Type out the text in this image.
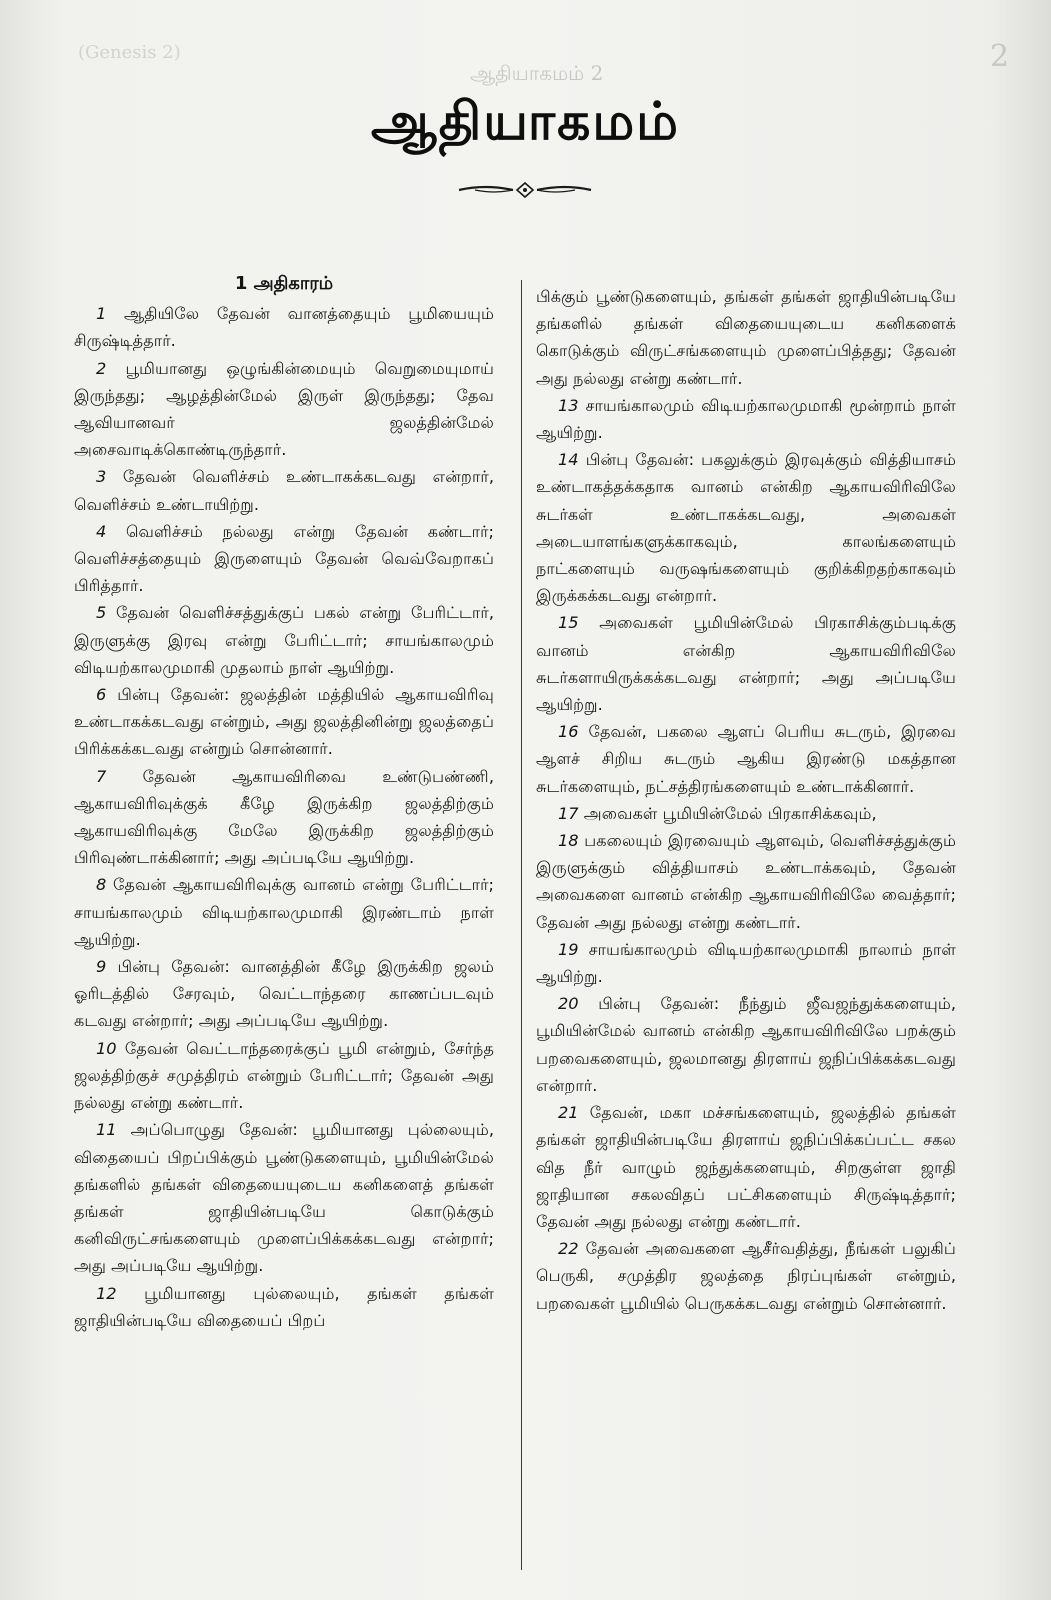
(Genesis 2)	2
ஆதியாகமம் 2
ஆதியாகமம்
1 அதிகாரம்

1 ஆதியிலே தேவன் வானத்தையும் பூமியையும் சிருஷ்டித்தார்.

2 பூமியானது ஒழுங்கின்மையும் வெறுமையுமாய் இருந்தது; ஆழத்தின்மேல் இருள் இருந்தது; தேவ ஆவியானவர் ஜலத்தின்மேல் அசைவாடிக்கொண்டிருந்தார்.

3 தேவன் வெளிச்சம் உண்டாகக்கடவது என்றார், வெளிச்சம் உண்டாயிற்று.

4 வெளிச்சம் நல்லது என்று தேவன் கண்டார்; வெளிச்சத்தையும் இருளையும் தேவன் வெவ்வேறாகப் பிரித்தார்.

5 தேவன் வெளிச்சத்துக்குப் பகல் என்று பேரிட்டார், இருளுக்கு இரவு என்று பேரிட்டார்; சாயங்காலமும் விடியற்காலமுமாகி முதலாம் நாள் ஆயிற்று.

6 பின்பு தேவன்: ஜலத்தின் மத்தியில் ஆகாயவிரிவு உண்டாகக்கடவது என்றும், அது ஜலத்தினின்று ஜலத்தைப் பிரிக்கக்கடவது என்றும் சொன்னார்.

7 தேவன் ஆகாயவிரிவை உண்டுபண்ணி, ஆகாயவிரிவுக்குக் கீழே இருக்கிற ஜலத்திற்கும் ஆகாயவிரிவுக்கு மேலே இருக்கிற ஜலத்திற்கும் பிரிவுண்டாக்கினார்; அது அப்படியே ஆயிற்று.

8 தேவன் ஆகாயவிரிவுக்கு வானம் என்று பேரிட்டார்; சாயங்காலமும் விடியற்காலமுமாகி இரண்டாம் நாள் ஆயிற்று.

9 பின்பு தேவன்: வானத்தின் கீழே இருக்கிற ஜலம் ஓரிடத்தில் சேரவும், வெட்டாந்தரை காணப்படவும் கடவது என்றார்; அது அப்படியே ஆயிற்று.

10 தேவன் வெட்டாந்தரைக்குப் பூமி என்றும், சேர்ந்த ஜலத்திற்குச் சமுத்திரம் என்றும் பேரிட்டார்; தேவன் அது நல்லது என்று கண்டார்.

11 அப்பொழுது தேவன்: பூமியானது புல்லையும், விதையைப் பிறப்பிக்கும் பூண்டுகளையும், பூமியின்மேல் தங்களில் தங்கள் விதையையுடைய கனிகளைத் தங்கள் தங்கள் ஜாதியின்படியே கொடுக்கும் கனிவிருட்சங்களையும் முளைப்பிக்கக்கடவது என்றார்; அது அப்படியே ஆயிற்று.

12 பூமியானது புல்லையும், தங்கள் தங்கள் ஜாதியின்படியே விதையைப் பிறப்

பிக்கும் பூண்டுகளையும், தங்கள் தங்கள் ஜாதியின்படியே தங்களில் தங்கள் விதையையுடைய கனிகளைக் கொடுக்கும் விருட்சங்களையும் முளைப்பித்தது; தேவன் அது நல்லது என்று கண்டார்.

13 சாயங்காலமும் விடியற்காலமுமாகி மூன்றாம் நாள் ஆயிற்று.

14 பின்பு தேவன்: பகலுக்கும் இரவுக்கும் வித்தியாசம் உண்டாகத்தக்கதாக வானம் என்கிற ஆகாயவிரிவிலே சுடர்கள் உண்டாகக்கடவது, அவைகள் அடையாளங்களுக்காகவும், காலங்களையும் நாட்களையும் வருஷங்களையும் குறிக்கிறதற்காகவும் இருக்கக்கடவது என்றார்.

15 அவைகள் பூமியின்மேல் பிரகாசிக்கும்படிக்கு வானம் என்கிற ஆகாயவிரிவிலே சுடர்களாயிருக்கக்கடவது என்றார்; அது அப்படியே ஆயிற்று.

16 தேவன், பகலை ஆளப் பெரிய சுடரும், இரவை ஆளச் சிறிய சுடரும் ஆகிய இரண்டு மகத்தான சுடர்களையும், நட்சத்திரங்களையும் உண்டாக்கினார்.

17 அவைகள் பூமியின்மேல் பிரகாசிக்கவும்,

18 பகலையும் இரவையும் ஆளவும், வெளிச்சத்துக்கும் இருளுக்கும் வித்தியாசம் உண்டாக்கவும், தேவன் அவைகளை வானம் என்கிற ஆகாயவிரிவிலே வைத்தார்; தேவன் அது நல்லது என்று கண்டார்.

19 சாயங்காலமும் விடியற்காலமுமாகி நாலாம் நாள் ஆயிற்று.

20 பின்பு தேவன்: நீந்தும் ஜீவஜந்துக்களையும், பூமியின்மேல் வானம் என்கிற ஆகாயவிரிவிலே பறக்கும் பறவைகளையும், ஜலமானது திரளாய் ஜநிப்பிக்கக்கடவது என்றார்.

21 தேவன், மகா மச்சங்களையும், ஜலத்தில் தங்கள் தங்கள் ஜாதியின்படியே திரளாய் ஜநிப்பிக்கப்பட்ட சகல வித நீர் வாழும் ஜந்துக்களையும், சிறகுள்ள ஜாதி ஜாதியான சகலவிதப் பட்சிகளையும் சிருஷ்டித்தார்; தேவன் அது நல்லது என்று கண்டார்.

22 தேவன் அவைகளை ஆசீர்வதித்து, நீங்கள் பலுகிப் பெருகி, சமுத்திர ஜலத்தை நிரப்புங்கள் என்றும், பறவைகள் பூமியில் பெருகக்கடவது என்றும் சொன்னார்.
